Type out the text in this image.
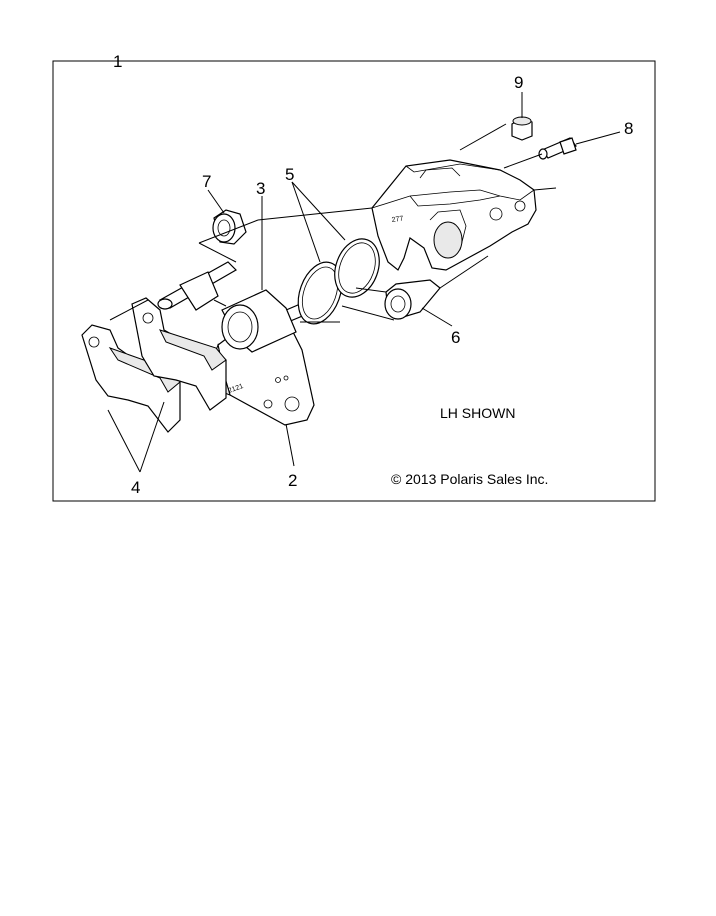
2121
277
1
2
3
4
5
6
7
8
9
LH SHOWN
© 2013 Polaris Sales Inc.
